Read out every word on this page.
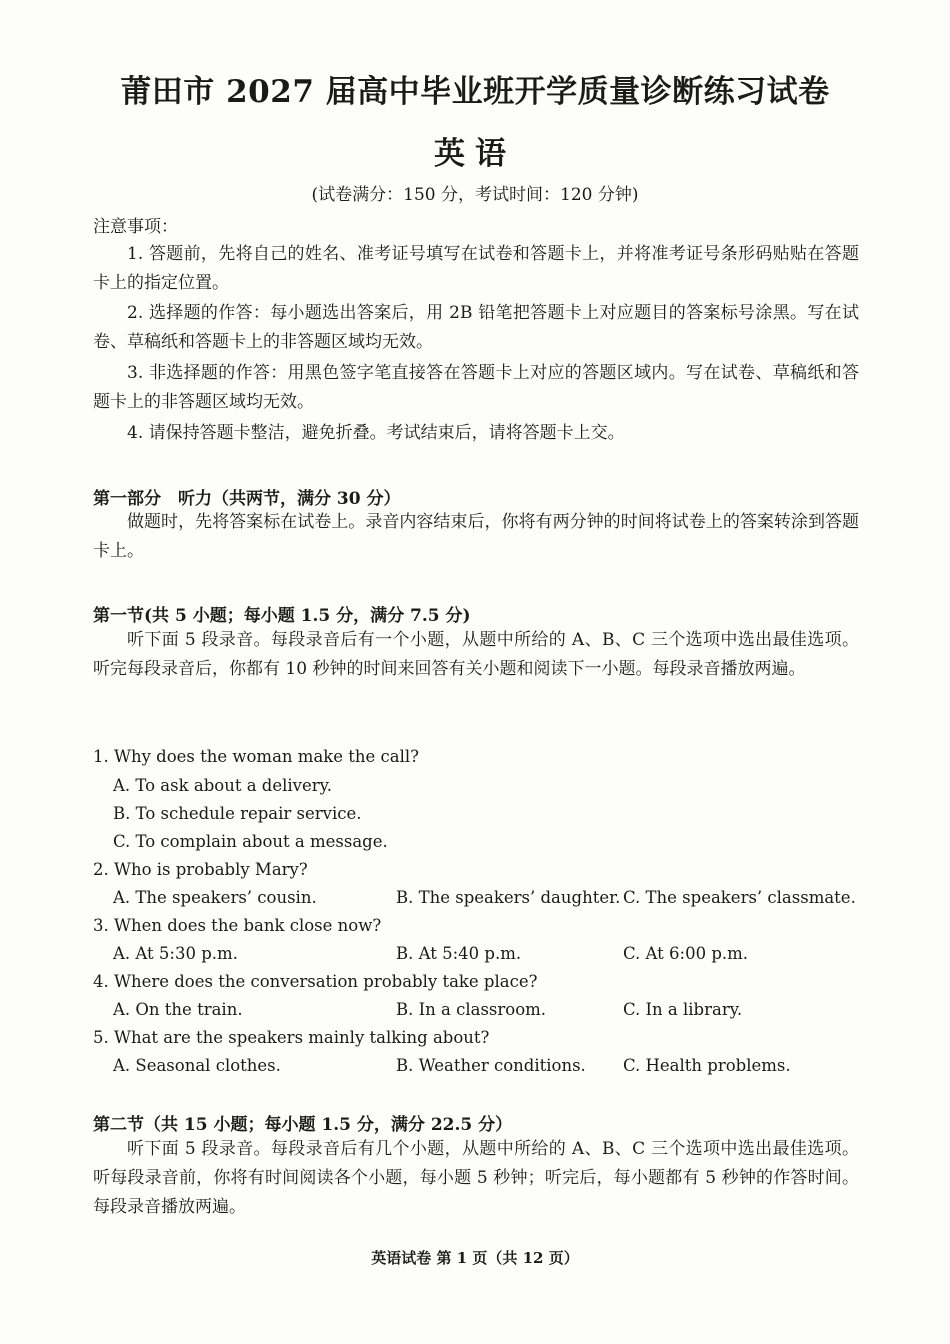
莆田市 2027 届高中毕业班开学质量诊断练习试卷
英语
(试卷满分：150 分，考试时间：120 分钟)
注意事项：
1. 答题前，先将自己的姓名、准考证号填写在试卷和答题卡上，并将准考证号条形码贴贴在答题卡上的指定位置。
2. 选择题的作答：每小题选出答案后，用 2B 铅笔把答题卡上对应题目的答案标号涂黑。写在试卷、草稿纸和答题卡上的非答题区域均无效。
3. 非选择题的作答：用黑色签字笔直接答在答题卡上对应的答题区域内。写在试卷、草稿纸和答题卡上的非答题区域均无效。
4. 请保持答题卡整洁，避免折叠。考试结束后，请将答题卡上交。
第一部分　听力（共两节，满分 30 分）
做题时，先将答案标在试卷上。录音内容结束后，你将有两分钟的时间将试卷上的答案转涂到答题卡上。
第一节(共 5 小题；每小题 1.5 分，满分 7.5 分)
听下面 5 段录音。每段录音后有一个小题，从题中所给的 A、B、C 三个选项中选出最佳选项。听完每段录音后，你都有 10 秒钟的时间来回答有关小题和阅读下一小题。每段录音播放两遍。
1. Why does the woman make the call?
A. To ask about a delivery.
B. To schedule repair service.
C. To complain about a message.
2. Who is probably Mary?
A. The speakers’ cousin.	B. The speakers’ daughter. C. The speakers’ classmate.
3. When does the bank close now?
A. At 5:30 p.m.	B. At 5:40 p.m.	C. At 6:00 p.m.
4. Where does the conversation probably take place?
A. On the train.	B. In a classroom.	C. In a library.
5. What are the speakers mainly talking about?
A. Seasonal clothes.	B. Weather conditions. C. Health problems.
第二节（共 15 小题；每小题 1.5 分，满分 22.5 分）
听下面 5 段录音。每段录音后有几个小题，从题中所给的 A、B、C 三个选项中选出最佳选项。听每段录音前，你将有时间阅读各个小题，每小题 5 秒钟；听完后，每小题都有 5 秒钟的作答时间。每段录音播放两遍。
英语试卷 第 1 页（共 12 页）
